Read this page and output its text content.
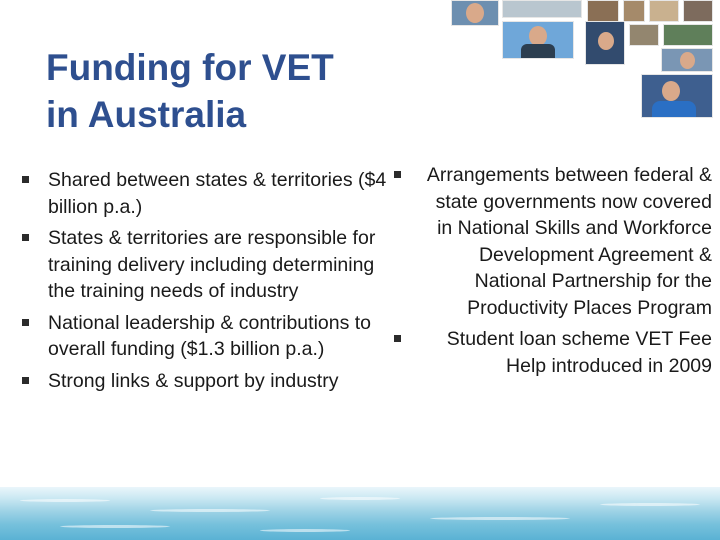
Funding for VET
in Australia
Shared between states & territories ($4 billion p.a.)
States & territories are responsible for training delivery including determining the training needs of industry
National leadership & contributions to overall funding ($1.3 billion p.a.)
Strong links & support by industry
Arrangements between federal & state governments now covered in National Skills and Workforce Development Agreement & National Partnership for the Productivity Places Program
Student loan scheme VET Fee Help introduced in 2009
